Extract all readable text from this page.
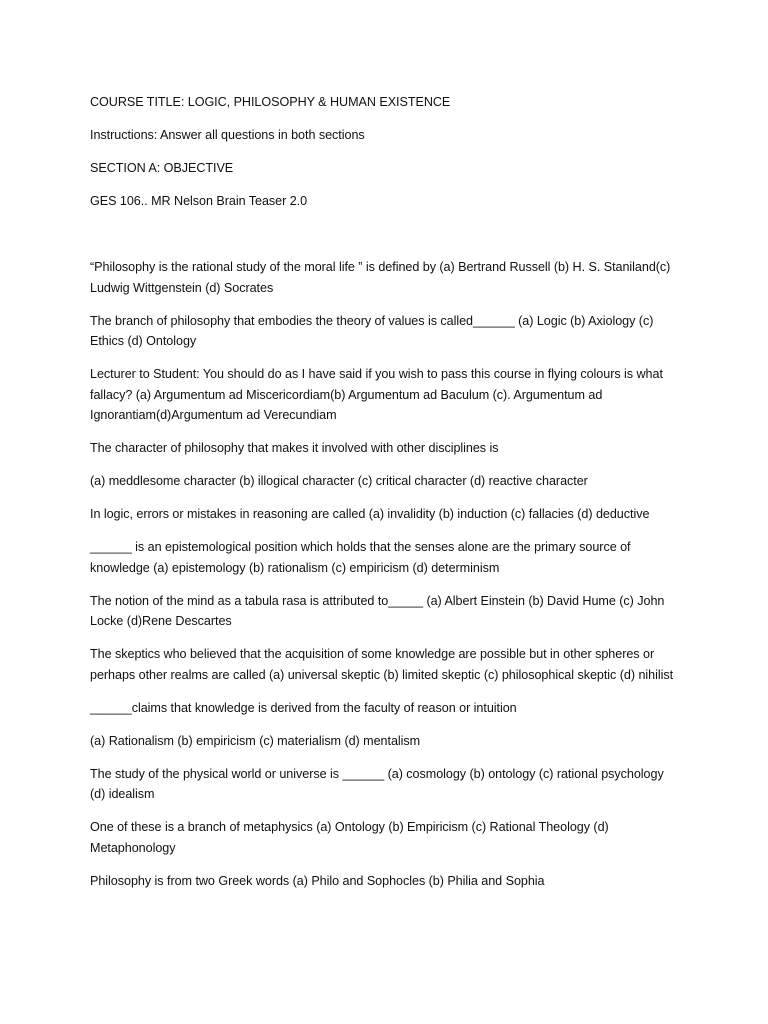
COURSE TITLE: LOGIC, PHILOSOPHY & HUMAN EXISTENCE
Instructions: Answer all questions in both sections
SECTION A: OBJECTIVE
GES 106.. MR Nelson Brain Teaser 2.0
“Philosophy is the rational study of the moral life ” is defined by (a) Bertrand Russell (b) H. S. Staniland(c) Ludwig Wittgenstein (d) Socrates
The branch of philosophy that embodies the theory of values is called______ (a) Logic (b) Axiology (c) Ethics (d) Ontology
Lecturer to Student: You should do as I have said if you wish to pass this course in flying colours is what fallacy? (a) Argumentum ad Miscericordiam(b) Argumentum ad Baculum (c). Argumentum ad Ignorantiam(d)Argumentum ad Verecundiam
The character of philosophy that makes it involved with other disciplines is
(a) meddlesome character (b) illogical character (c) critical character (d) reactive character
In logic, errors or mistakes in reasoning are called (a) invalidity (b) induction (c) fallacies (d) deductive
______ is an epistemological position which holds that the senses alone are the primary source of knowledge (a) epistemology (b) rationalism (c) empiricism (d) determinism
The notion of the mind as a tabula rasa is attributed to_____ (a) Albert Einstein (b) David Hume (c) John Locke (d)Rene Descartes
The skeptics who believed that the acquisition of some knowledge are possible but in other spheres or perhaps other realms are called (a) universal skeptic (b) limited skeptic (c) philosophical skeptic (d) nihilist
______claims that knowledge is derived from the faculty of reason or intuition
(a) Rationalism (b) empiricism (c) materialism (d) mentalism
The study of the physical world or universe is ______ (a) cosmology (b) ontology (c) rational psychology (d) idealism
One of these is a branch of metaphysics (a) Ontology (b) Empiricism (c) Rational Theology (d) Metaphonology
Philosophy is from two Greek words (a) Philo and Sophocles (b) Philia and Sophia
